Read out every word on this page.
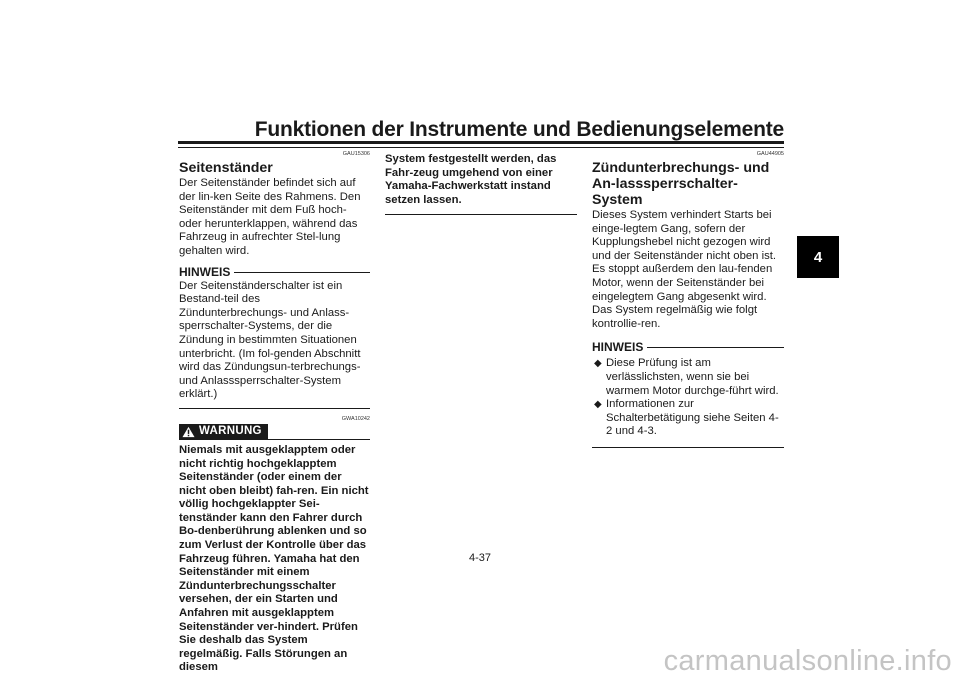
Funktionen der Instrumente und Bedienungselemente
4
GAU15306
Seitenständer

Der Seitenständer befindet sich auf der lin-ken Seite des Rahmens. Den Seitenständer mit dem Fuß hoch- oder herunterklappen, während das Fahrzeug in aufrechter Stel-lung gehalten wird.

HINWEIS

Der Seitenständerschalter ist ein Bestand-teil des Zündunterbrechungs- und Anlass-sperrschalter-Systems, der die Zündung in bestimmten Situationen unterbricht. (Im fol-genden Abschnitt wird das Zündungsun-terbrechungs- und Anlasssperrschalter-System erklärt.)

GWA10242
WARNUNG

Niemals mit ausgeklapptem oder nicht richtig hochgeklapptem Seitenständer (oder einem der nicht oben bleibt) fah-ren. Ein nicht völlig hochgeklappter Sei-tenständer kann den Fahrer durch Bo-denberührung ablenken und so zum Verlust der Kontrolle über das Fahrzeug führen. Yamaha hat den Seitenständer mit einem Zündunterbrechungsschalter versehen, der ein Starten und Anfahren mit ausgeklapptem Seitenständer ver-hindert. Prüfen Sie deshalb das System regelmäßig. Falls Störungen an diesem

System festgestellt werden, das Fahr-zeug umgehend von einer Yamaha-Fachwerkstatt instand setzen lassen.

GAU44905
Zündunterbrechungs- und An-lasssperrschalter-System

Dieses System verhindert Starts bei einge-legtem Gang, sofern der Kupplungshebel nicht gezogen wird und der Seitenständer nicht oben ist. Es stoppt außerdem den lau-fenden Motor, wenn der Seitenständer bei eingelegtem Gang abgesenkt wird.

Das System regelmäßig wie folgt kontrollie-ren.

HINWEIS
◆ Diese Prüfung ist am verlässlichsten, wenn sie bei warmem Motor durchge-führt wird.
◆ Informationen zur Schalterbetätigung siehe Seiten 4-2 und 4-3.
4-37
carmanualsonline.info
